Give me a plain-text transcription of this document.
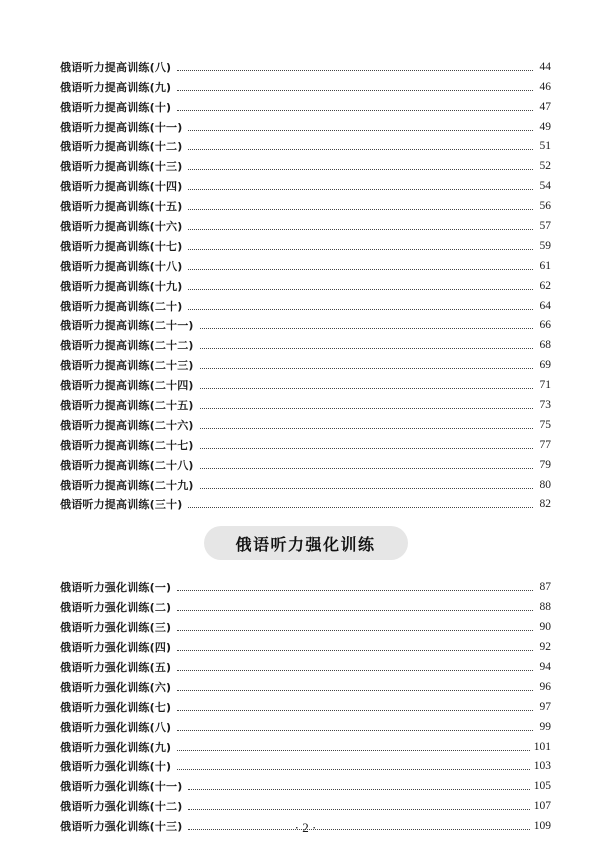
俄语听力提高训练(八)	44
俄语听力提高训练(九)	46
俄语听力提高训练(十)	47
俄语听力提高训练(十一)	49
俄语听力提高训练(十二)	51
俄语听力提高训练(十三)	52
俄语听力提高训练(十四)	54
俄语听力提高训练(十五)	56
俄语听力提高训练(十六)	57
俄语听力提高训练(十七)	59
俄语听力提高训练(十八)	61
俄语听力提高训练(十九)	62
俄语听力提高训练(二十)	64
俄语听力提高训练(二十一)	66
俄语听力提高训练(二十二)	68
俄语听力提高训练(二十三)	69
俄语听力提高训练(二十四)	71
俄语听力提高训练(二十五)	73
俄语听力提高训练(二十六)	75
俄语听力提高训练(二十七)	77
俄语听力提高训练(二十八)	79
俄语听力提高训练(二十九)	80
俄语听力提高训练(三十)	82
俄语听力强化训练
俄语听力强化训练(一)	87
俄语听力强化训练(二)	88
俄语听力强化训练(三)	90
俄语听力强化训练(四)	92
俄语听力强化训练(五)	94
俄语听力强化训练(六)	96
俄语听力强化训练(七)	97
俄语听力强化训练(八)	99
俄语听力强化训练(九)	101
俄语听力强化训练(十)	103
俄语听力强化训练(十一)	105
俄语听力强化训练(十二)	107
俄语听力强化训练(十三)	109
· 2 ·
